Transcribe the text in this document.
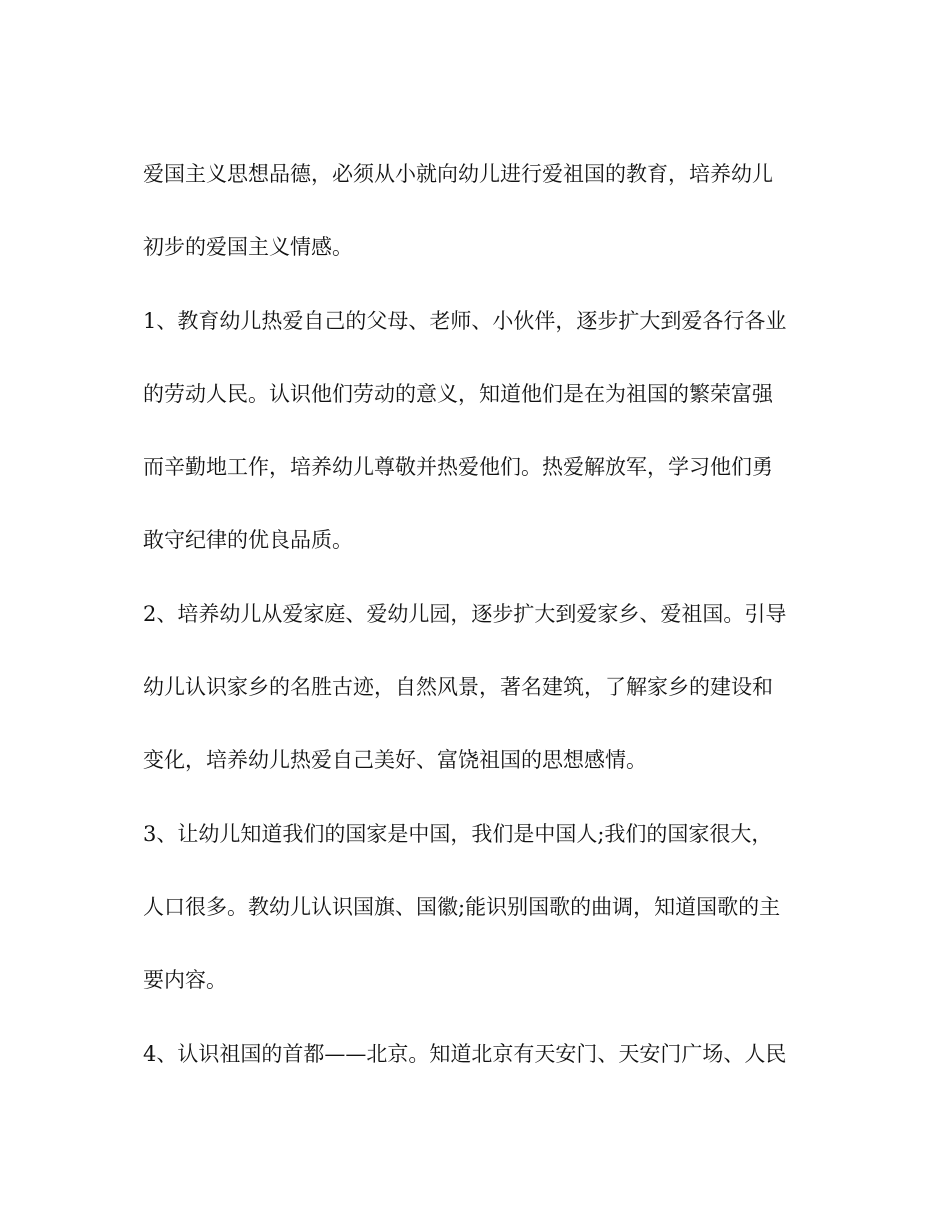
爱国主义思想品德，必须从小就向幼儿进行爱祖国的教育，培养幼儿
初步的爱国主义情感。

1、教育幼儿热爱自己的父母、老师、小伙伴，逐步扩大到爱各行各业
的劳动人民。认识他们劳动的意义，知道他们是在为祖国的繁荣富强
而辛勤地工作，培养幼儿尊敬并热爱他们。热爱解放军，学习他们勇
敢守纪律的优良品质。

2、培养幼儿从爱家庭、爱幼儿园，逐步扩大到爱家乡、爱祖国。引导
幼儿认识家乡的名胜古迹，自然风景，著名建筑，了解家乡的建设和
变化，培养幼儿热爱自己美好、富饶祖国的思想感情。

3、让幼儿知道我们的国家是中国，我们是中国人;我们的国家很大，
人口很多。教幼儿认识国旗、国徽;能识别国歌的曲调，知道国歌的主
要内容。

4、认识祖国的首都——北京。知道北京有天安门、天安门广场、人民
